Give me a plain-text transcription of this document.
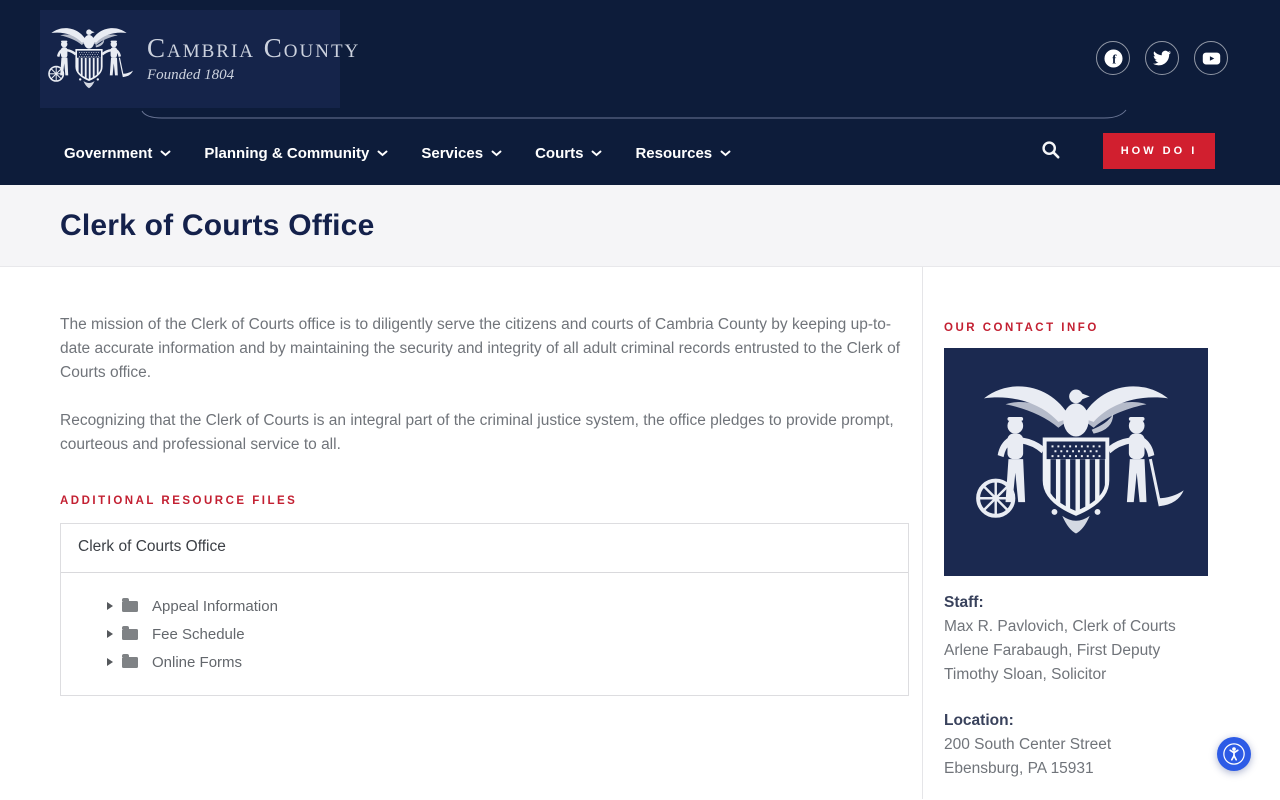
Cambria County
Founded 1804
f
Government	Planning & Community	Services	Courts	Resources	HOW DO I
Clerk of Courts Office

The mission of the Clerk of Courts office is to diligently serve the citizens and courts of Cambria County by keeping up-to-date accurate information and by maintaining the security and integrity of all adult criminal records entrusted to the Clerk of Courts office.

Recognizing that the Clerk of Courts is an integral part of the criminal justice system, the office pledges to provide prompt, courteous and professional service to all.

ADDITIONAL RESOURCE FILES
Clerk of Courts Office
Appeal Information
Fee Schedule
Online Forms
OUR CONTACT INFO
Staff:
Max R. Pavlovich, Clerk of Courts
Arlene Farabaugh, First Deputy
Timothy Sloan, Solicitor
Location:
200 South Center Street
Ebensburg, PA 15931
